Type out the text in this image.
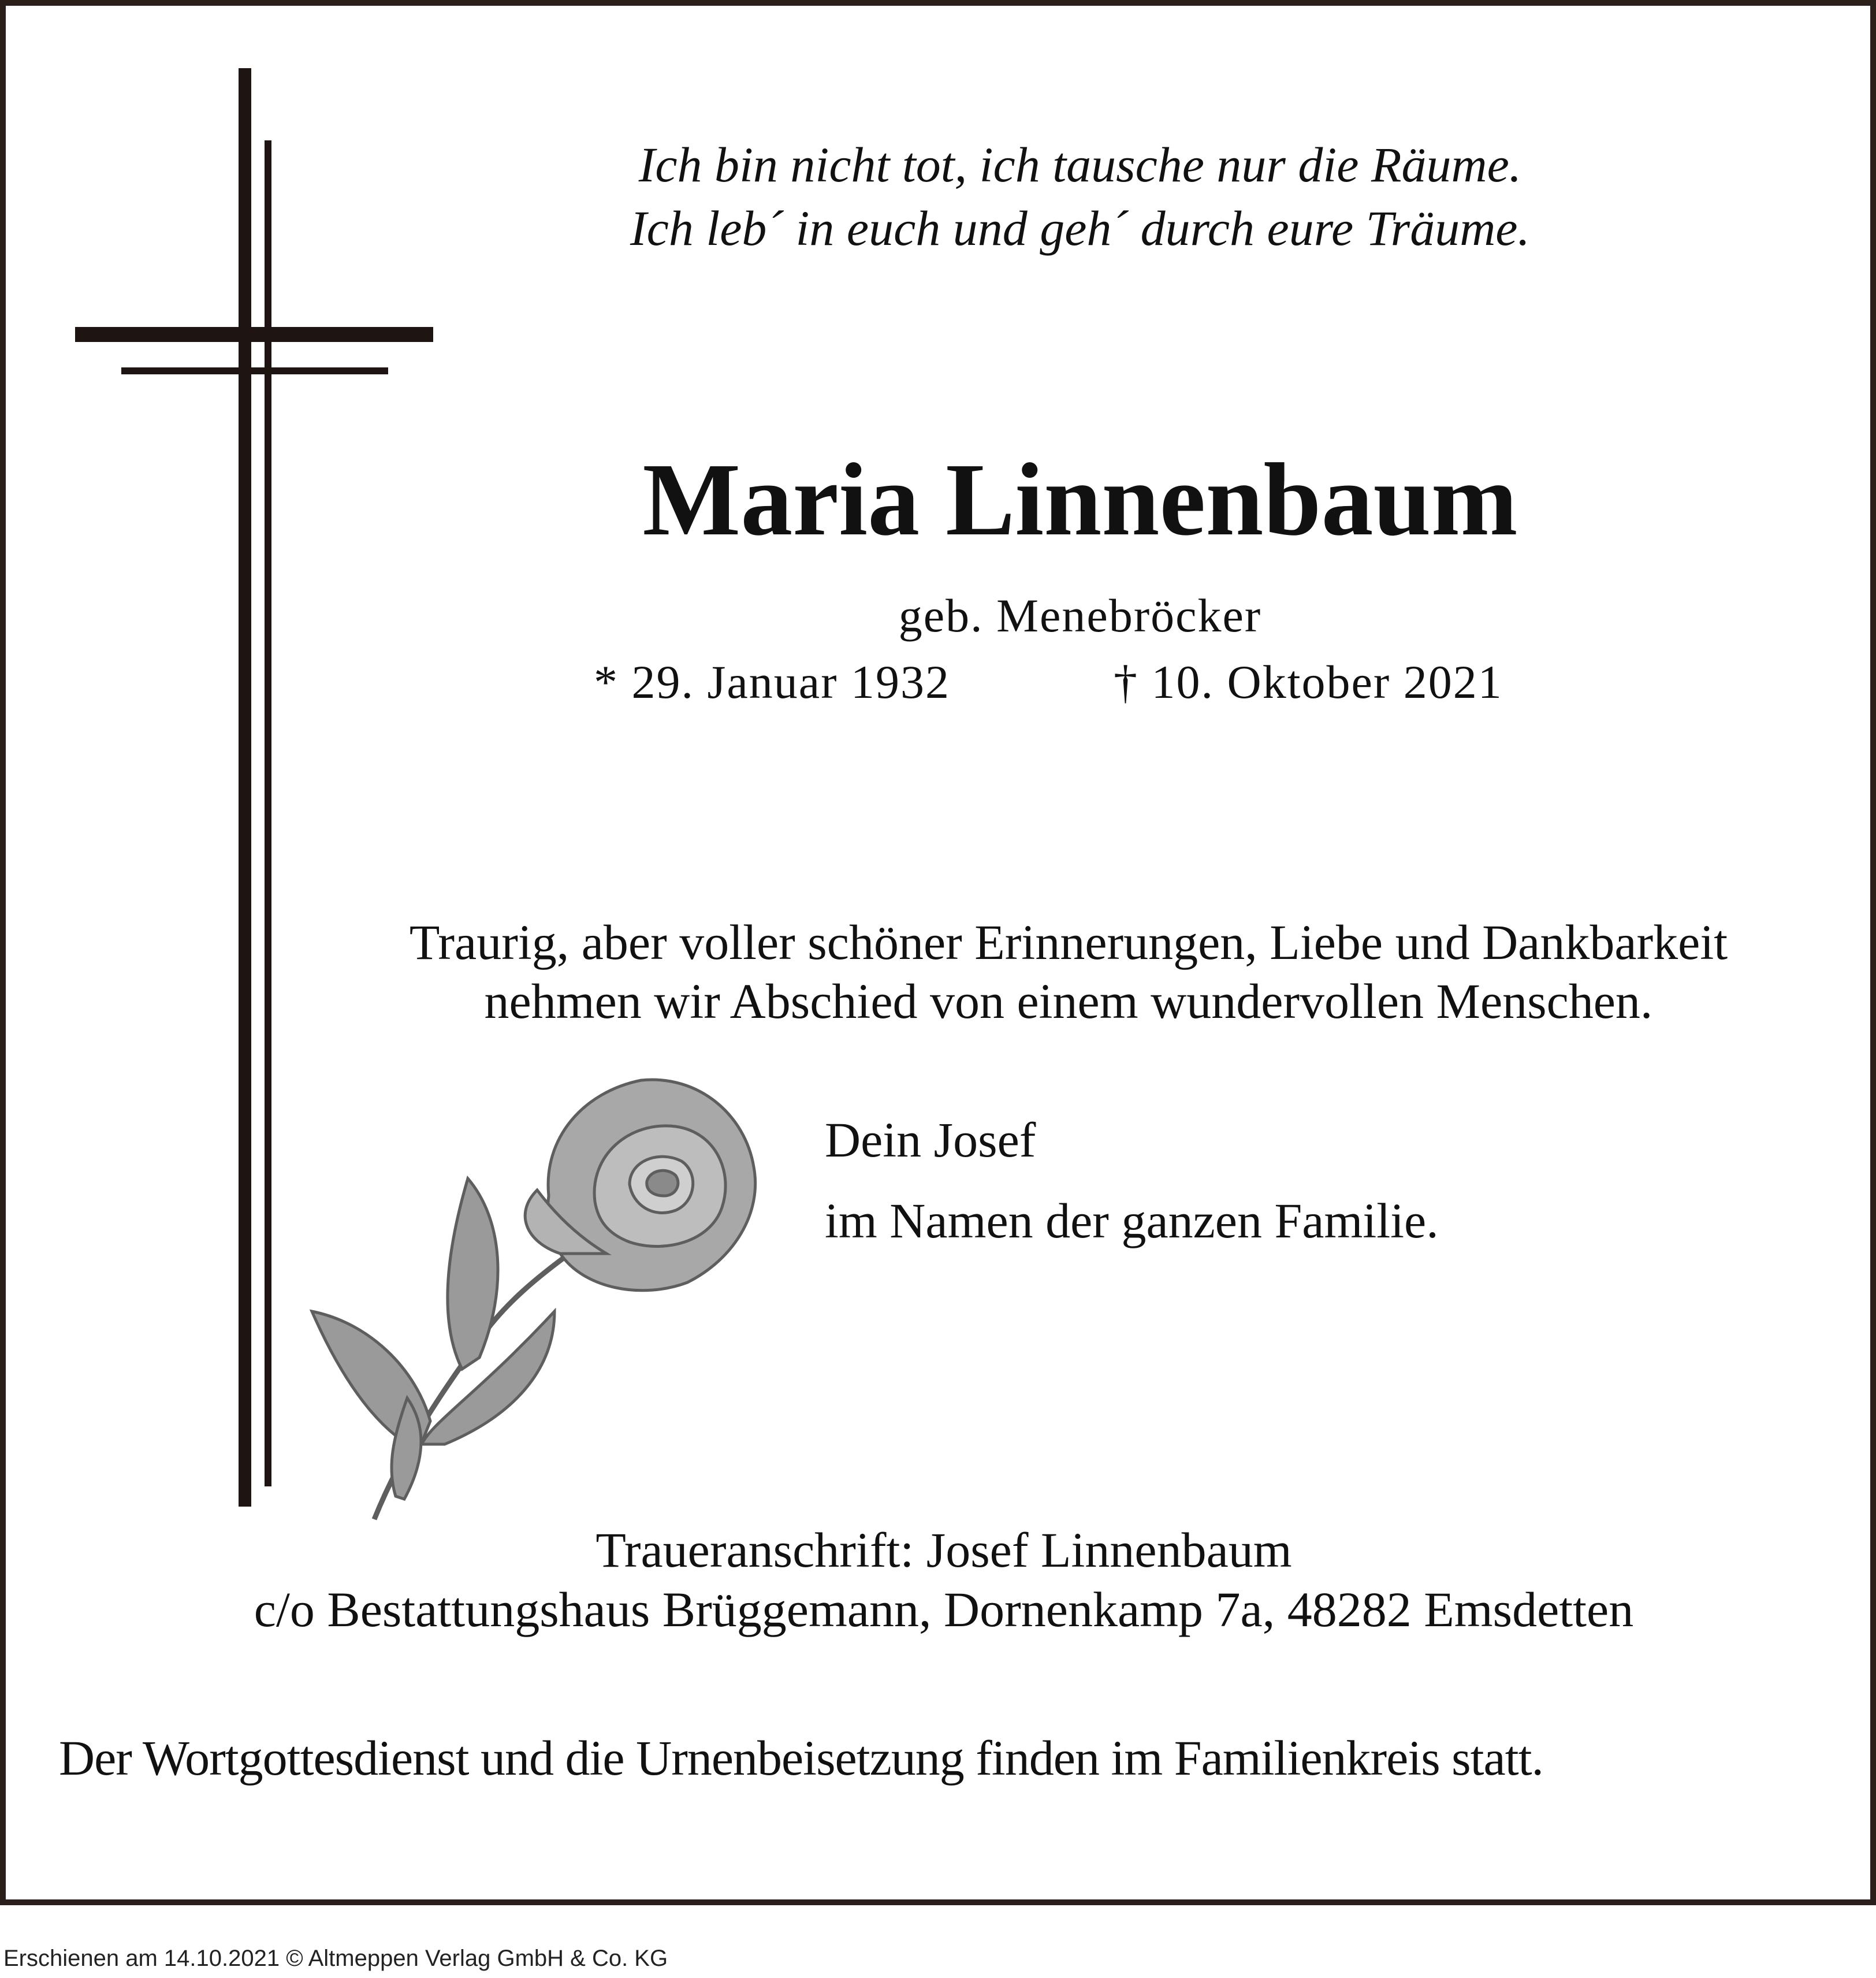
Ich bin nicht tot, ich tausche nur die Räume.

Ich leb´ in euch und geh´ durch eure Träume.

Maria Linnenbaum

geb. Menebröcker

* 29. Januar 1932	† 10. Oktober 2021

Traurig, aber voller schöner Erinnerungen, Liebe und Dankbarkeit

nehmen wir Abschied von einem wundervollen Menschen.

Dein Josef

im Namen der ganzen Familie.

Traueranschrift: Josef Linnenbaum

c/o Bestattungshaus Brüggemann, Dornenkamp 7a, 48282 Emsdetten

Der Wortgottesdienst und die Urnenbeisetzung finden im Familienkreis statt.

Erschienen am 14.10.2021 © Altmeppen Verlag GmbH & Co. KG
